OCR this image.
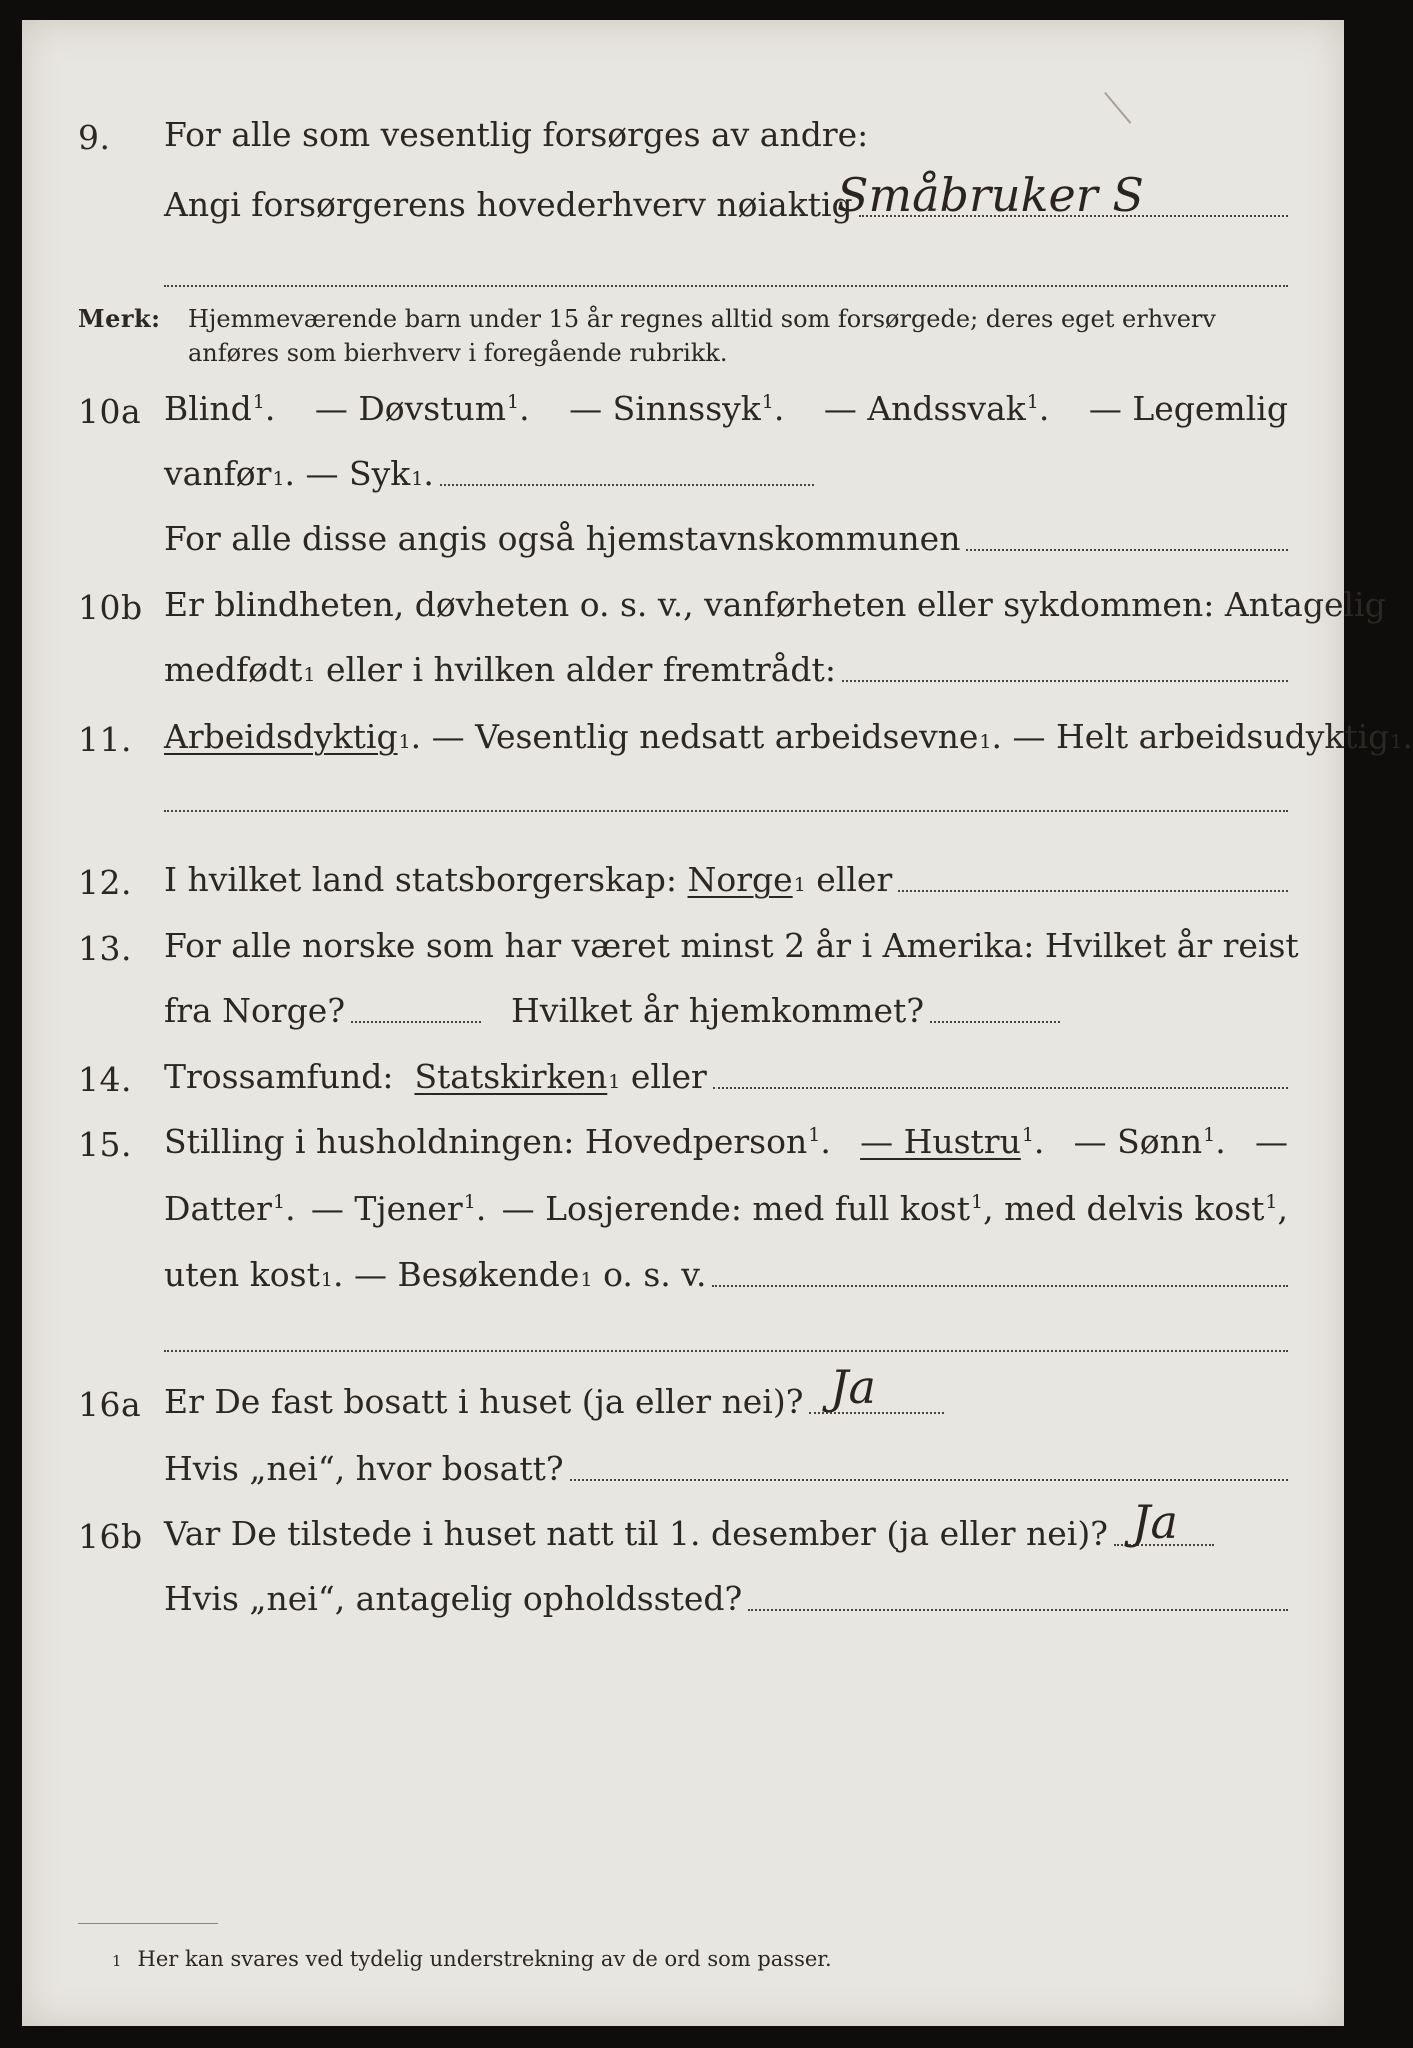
9.	For alle som vesentlig forsørges av andre:
Angi forsørgerens hovederhverv nøiaktig
Småbruker S
Merk: Hjemmeværende barn under 15 år regnes alltid som forsørgede; deres eget erhverv
anføres som bierhverv i foregående rubrikk.
10a Blind1. — Døvstum1. — Sinnssyk1. — Andssvak1. — Legemlig
vanfør 1 .
— Syk 1 .
For alle disse angis også hjemstavnskommunen
10b Er blindheten, døvheten o. s. v., vanførheten eller sykdommen: Antagelig
medfødt 1
eller i hvilken alder fremtrådt:
11. Arbeidsdyktig 1 .
— Vesentlig nedsatt arbeidsevne 1 .
— Helt arbeidsudyktig 1 .
12. I hvilket land statsborgerskap:
Norge 1
eller
13. For alle norske som har været minst 2 år i Amerika: Hvilket år reist
fra Norge?	Hvilket år hjemkommet?
14. Trossamfund:
Statskirken 1
eller
15. Stilling i husholdningen: Hovedperson1. — Hustru1. — Sønn1. —
Datter1. — Tjener1. — Losjerende: med full kost1, med delvis kost1,
uten kost 1 .
— Besøkende 1
o. s. v.
16a Er De fast bosatt i huset (ja eller nei)? Ja
Hvis „nei“, hvor bosatt?
16b Var De tilstede i huset natt til 1. desember (ja eller nei)? Ja
Hvis „nei“, antagelig opholdssted?
1 Her kan svares ved tydelig understrekning av de ord som passer.
